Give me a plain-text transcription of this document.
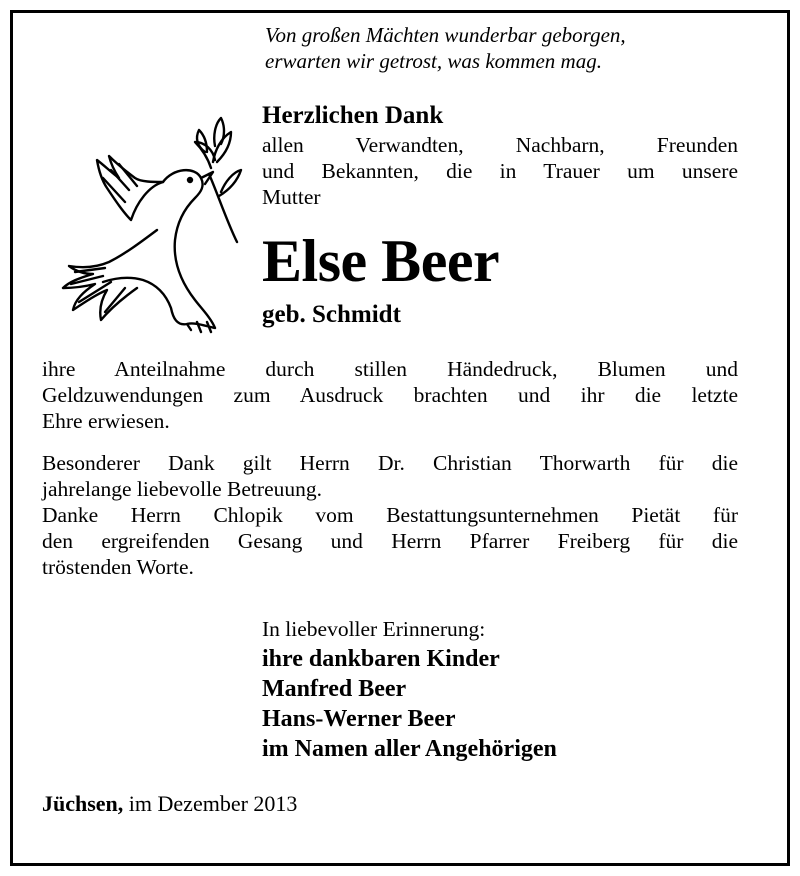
Von großen Mächten wunderbar geborgen,
erwarten wir getrost, was kommen mag.

Herzlichen Dank

allen Verwandten, Nachbarn, Freunden
und Bekannten, die in Trauer um unsere
Mutter

Else Beer

geb. Schmidt

ihre Anteilnahme durch stillen Händedruck, Blumen und
Geldzuwendungen zum Ausdruck brachten und ihr die letzte
Ehre erwiesen.

Besonderer Dank gilt Herrn Dr. Christian Thorwarth für die
jahrelange liebevolle Betreuung.

Danke Herrn Chlopik vom Bestattungsunternehmen Pietät für
den ergreifenden Gesang und Herrn Pfarrer Freiberg für die
tröstenden Worte.

In liebevoller Erinnerung:
ihre dankbaren Kinder
Manfred Beer
Hans-Werner Beer
im Namen aller Angehörigen

Jüchsen, im Dezember 2013
